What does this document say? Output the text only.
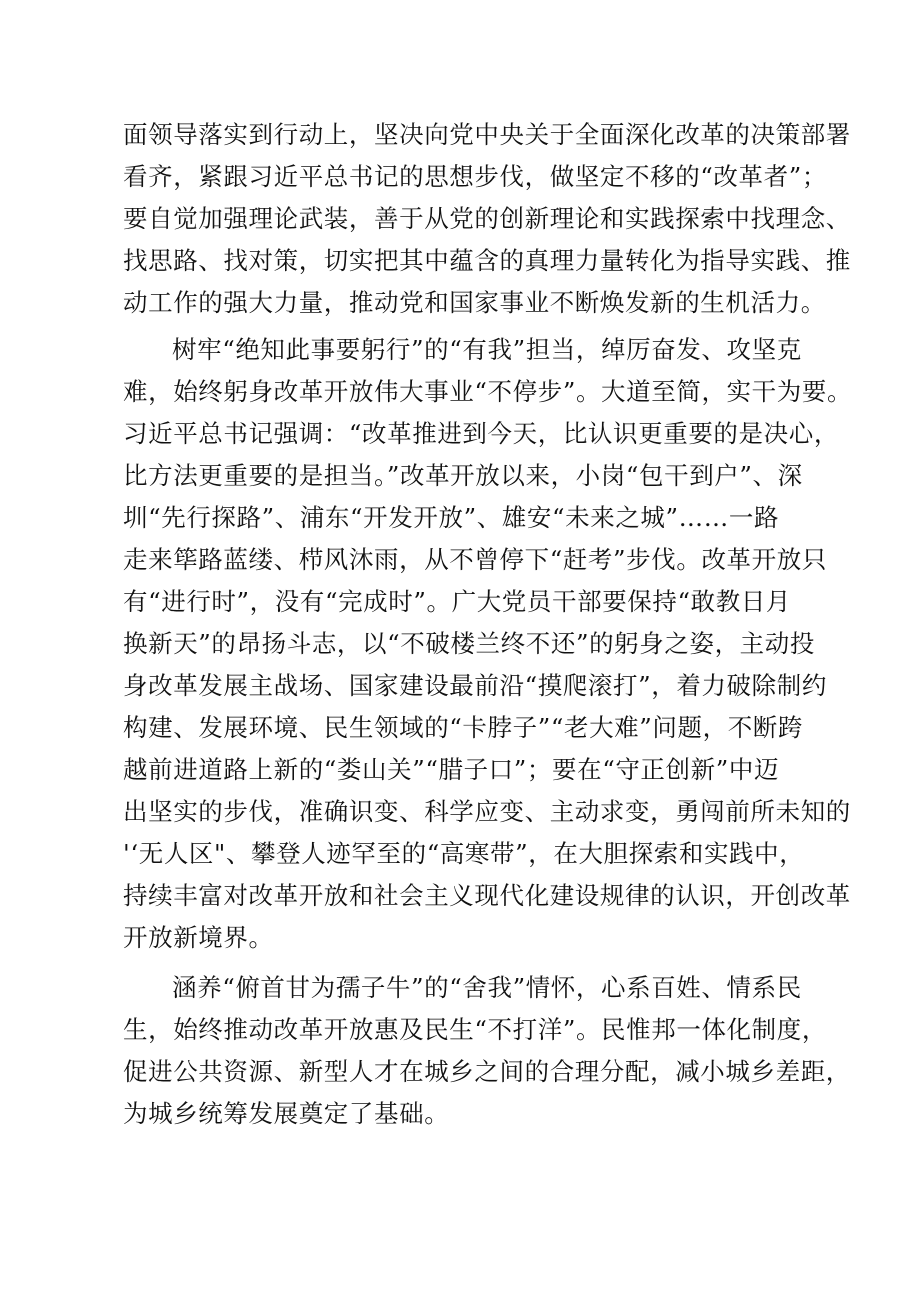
面领导落实到行动上，坚决向党中央关于全面深化改革的决策部署
看齐，紧跟习近平总书记的思想步伐，做坚定不移的“改革者”；
要自觉加强理论武装，善于从党的创新理论和实践探索中找理念、
找思路、找对策，切实把其中蕴含的真理力量转化为指导实践、推
动工作的强大力量，推动党和国家事业不断焕发新的生机活力。
树牢“绝知此事要躬行”的“有我”担当，绰厉奋发、攻坚克
难，始终躬身改革开放伟大事业“不停步”。大道至简，实干为要。
习近平总书记强调：“改革推进到今天，比认识更重要的是决心，
比方法更重要的是担当。”改革开放以来，小岗“包干到户”、深
圳“先行探路”、浦东“开发开放”、雄安“未来之城”……一路
走来筚路蓝缕、栉风沐雨，从不曾停下“赶考”步伐。改革开放只
有“进行时”，没有“完成时”。广大党员干部要保持“敢教日月
换新天”的昂扬斗志，以“不破楼兰终不还”的躬身之姿，主动投
身改革发展主战场、国家建设最前沿“摸爬滚打”，着力破除制约
构建、发展环境、民生领域的“卡脖子”“老大难”问题，不断跨
越前进道路上新的“娄山关”“腊子口”；要在“守正创新”中迈
出坚实的步伐，准确识变、科学应变、主动求变，勇闯前所未知的
'‘无人区"、攀登人迹罕至的“高寒带”，在大胆探索和实践中，
持续丰富对改革开放和社会主义现代化建设规律的认识，开创改革
开放新境界。
涵养“俯首甘为孺子牛”的“舍我”情怀，心系百姓、情系民
生，始终推动改革开放惠及民生“不打洋”。民惟邦一体化制度，
促进公共资源、新型人才在城乡之间的合理分配，减小城乡差距，
为城乡统筹发展奠定了基础。
